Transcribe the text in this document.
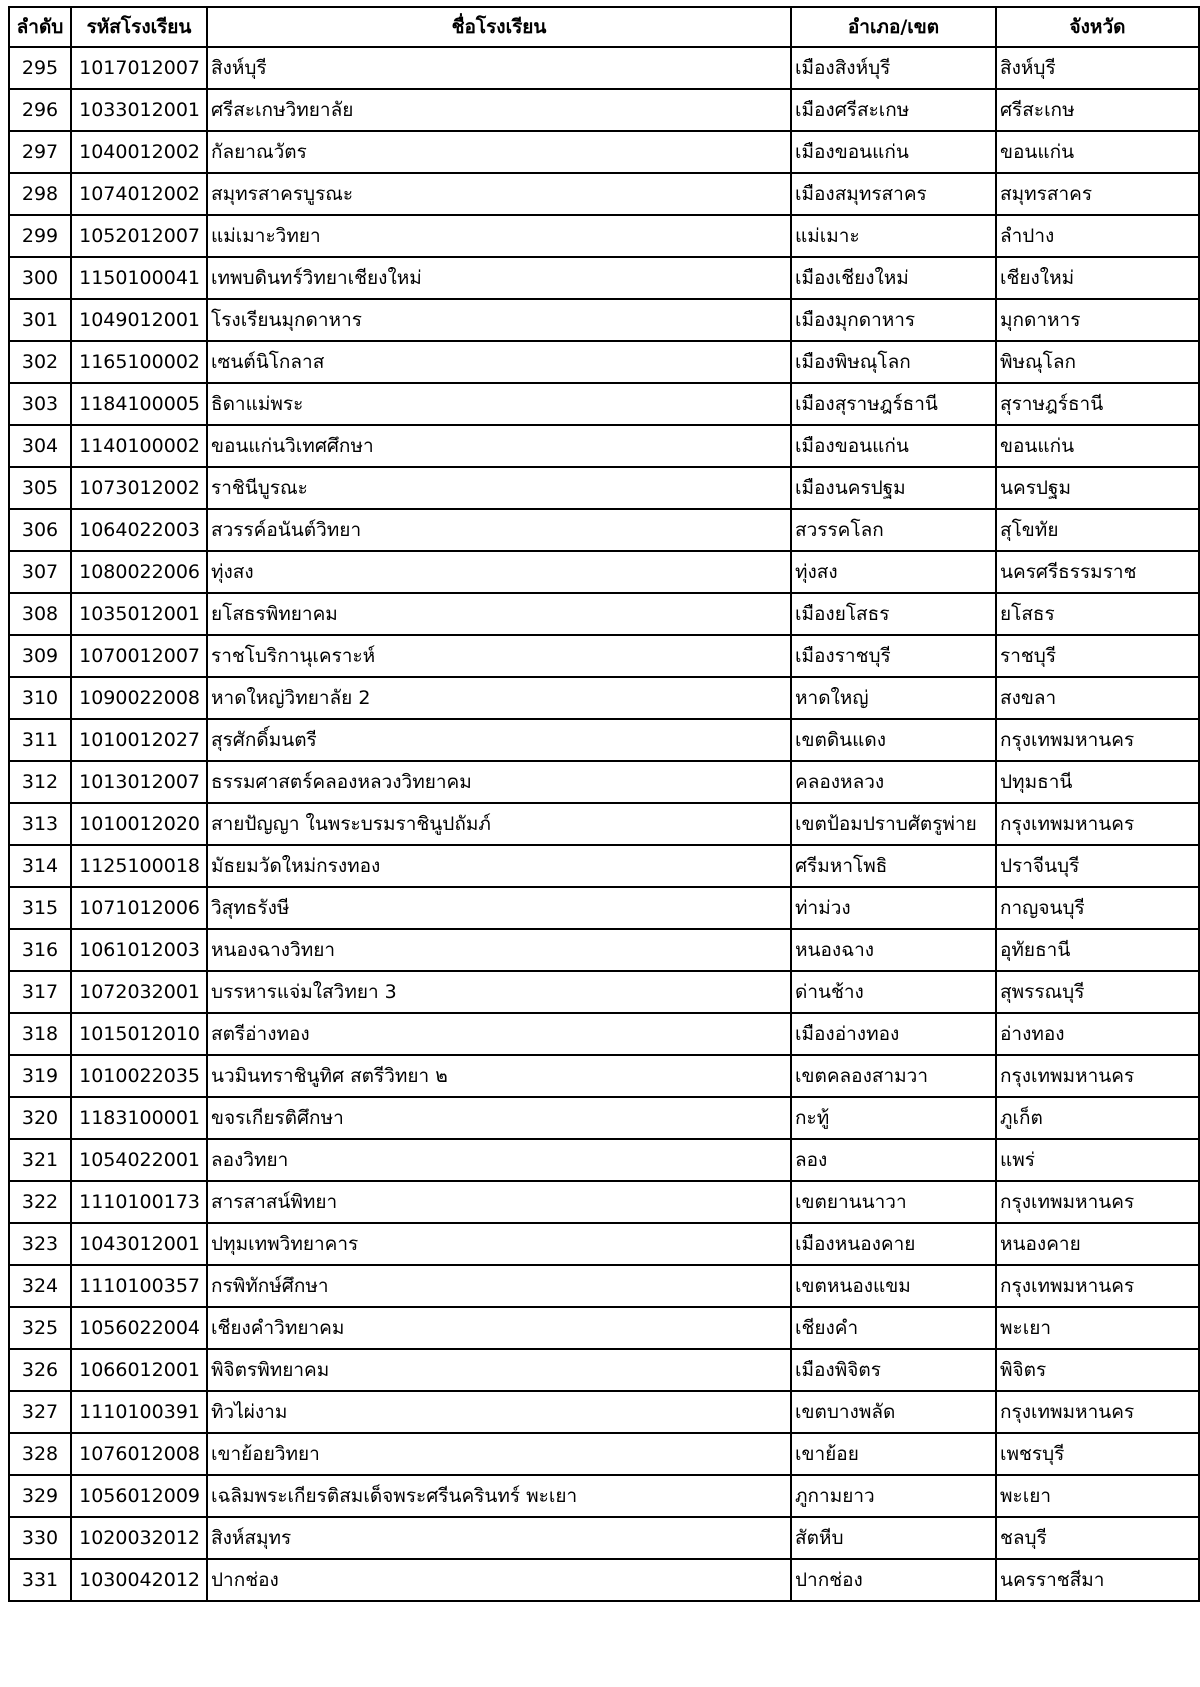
ลำดับ	รหัสโรงเรียน	ชื่อโรงเรียน	อำเภอ/เขต	จังหวัด
295	1017012007	สิงห์บุรี	เมืองสิงห์บุรี	สิงห์บุรี
296	1033012001	ศรีสะเกษวิทยาลัย	เมืองศรีสะเกษ	ศรีสะเกษ
297	1040012002	กัลยาณวัตร	เมืองขอนแก่น	ขอนแก่น
298	1074012002	สมุทรสาครบูรณะ	เมืองสมุทรสาคร	สมุทรสาคร
299	1052012007	แม่เมาะวิทยา	แม่เมาะ	ลำปาง
300	1150100041	เทพบดินทร์วิทยาเชียงใหม่	เมืองเชียงใหม่	เชียงใหม่
301	1049012001	โรงเรียนมุกดาหาร	เมืองมุกดาหาร	มุกดาหาร
302	1165100002	เซนต์นิโกลาส	เมืองพิษณุโลก	พิษณุโลก
303	1184100005	ธิดาแม่พระ	เมืองสุราษฎร์ธานี	สุราษฎร์ธานี
304	1140100002	ขอนแก่นวิเทศศึกษา	เมืองขอนแก่น	ขอนแก่น
305	1073012002	ราชินีบูรณะ	เมืองนครปฐม	นครปฐม
306	1064022003	สวรรค์อนันต์วิทยา	สวรรคโลก	สุโขทัย
307	1080022006	ทุ่งสง	ทุ่งสง	นครศรีธรรมราช
308	1035012001	ยโสธรพิทยาคม	เมืองยโสธร	ยโสธร
309	1070012007	ราชโบริกานุเคราะห์	เมืองราชบุรี	ราชบุรี
310	1090022008	หาดใหญ่วิทยาลัย 2	หาดใหญ่	สงขลา
311	1010012027	สุรศักดิ์มนตรี	เขตดินแดง	กรุงเทพมหานคร
312	1013012007	ธรรมศาสตร์คลองหลวงวิทยาคม	คลองหลวง	ปทุมธานี
313	1010012020	สายปัญญา ในพระบรมราชินูปถัมภ์	เขตป้อมปราบศัตรูพ่าย	กรุงเทพมหานคร
314	1125100018	มัธยมวัดใหม่กรงทอง	ศรีมหาโพธิ	ปราจีนบุรี
315	1071012006	วิสุทธรังษี	ท่าม่วง	กาญจนบุรี
316	1061012003	หนองฉางวิทยา	หนองฉาง	อุทัยธานี
317	1072032001	บรรหารแจ่มใสวิทยา 3	ด่านช้าง	สุพรรณบุรี
318	1015012010	สตรีอ่างทอง	เมืองอ่างทอง	อ่างทอง
319	1010022035	นวมินทราชินูทิศ สตรีวิทยา ๒	เขตคลองสามวา	กรุงเทพมหานคร
320	1183100001	ขจรเกียรติศึกษา	กะทู้	ภูเก็ต
321	1054022001	ลองวิทยา	ลอง	แพร่
322	1110100173	สารสาสน์พิทยา	เขตยานนาวา	กรุงเทพมหานคร
323	1043012001	ปทุมเทพวิทยาคาร	เมืองหนองคาย	หนองคาย
324	1110100357	กรพิทักษ์ศึกษา	เขตหนองแขม	กรุงเทพมหานคร
325	1056022004	เชียงคำวิทยาคม	เชียงคำ	พะเยา
326	1066012001	พิจิตรพิทยาคม	เมืองพิจิตร	พิจิตร
327	1110100391	ทิวไผ่งาม	เขตบางพลัด	กรุงเทพมหานคร
328	1076012008	เขาย้อยวิทยา	เขาย้อย	เพชรบุรี
329	1056012009	เฉลิมพระเกียรติสมเด็จพระศรีนครินทร์ พะเยา	ภูกามยาว	พะเยา
330	1020032012	สิงห์สมุทร	สัตหีบ	ชลบุรี
331	1030042012	ปากช่อง	ปากช่อง	นครราชสีมา
